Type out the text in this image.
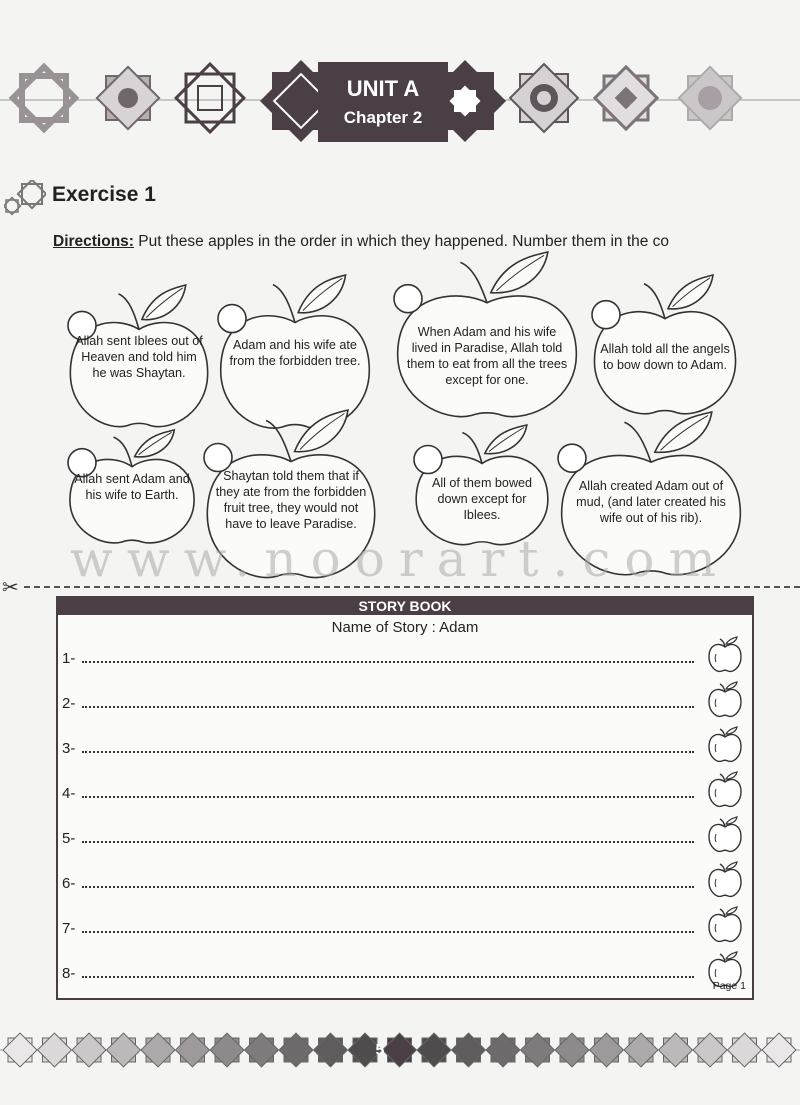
UNIT A
Chapter 2
Exercise 1
Directions: Put these apples in the order in which they happened. Number them in the co
Allah sent Iblees out of Heaven and told him he was Shaytan.
Adam and his wife ate from the forbidden tree.
When Adam and his wife lived in Paradise, Allah told them to eat from all the trees except for one.
Allah told all the angels to bow down to Adam.
Allah sent Adam and his wife to Earth.
Shaytan told them that if they ate from the forbidden fruit tree, they would not have to leave Paradise.
All of them bowed down except for Iblees.
Allah created Adam out of mud, (and later created his wife out of his rib).
www.noorart.com
✂
STORY BOOK
Name of Story : Adam
1-
2-
3-
4-
5-
6-
7-
8-
Page 1
5
